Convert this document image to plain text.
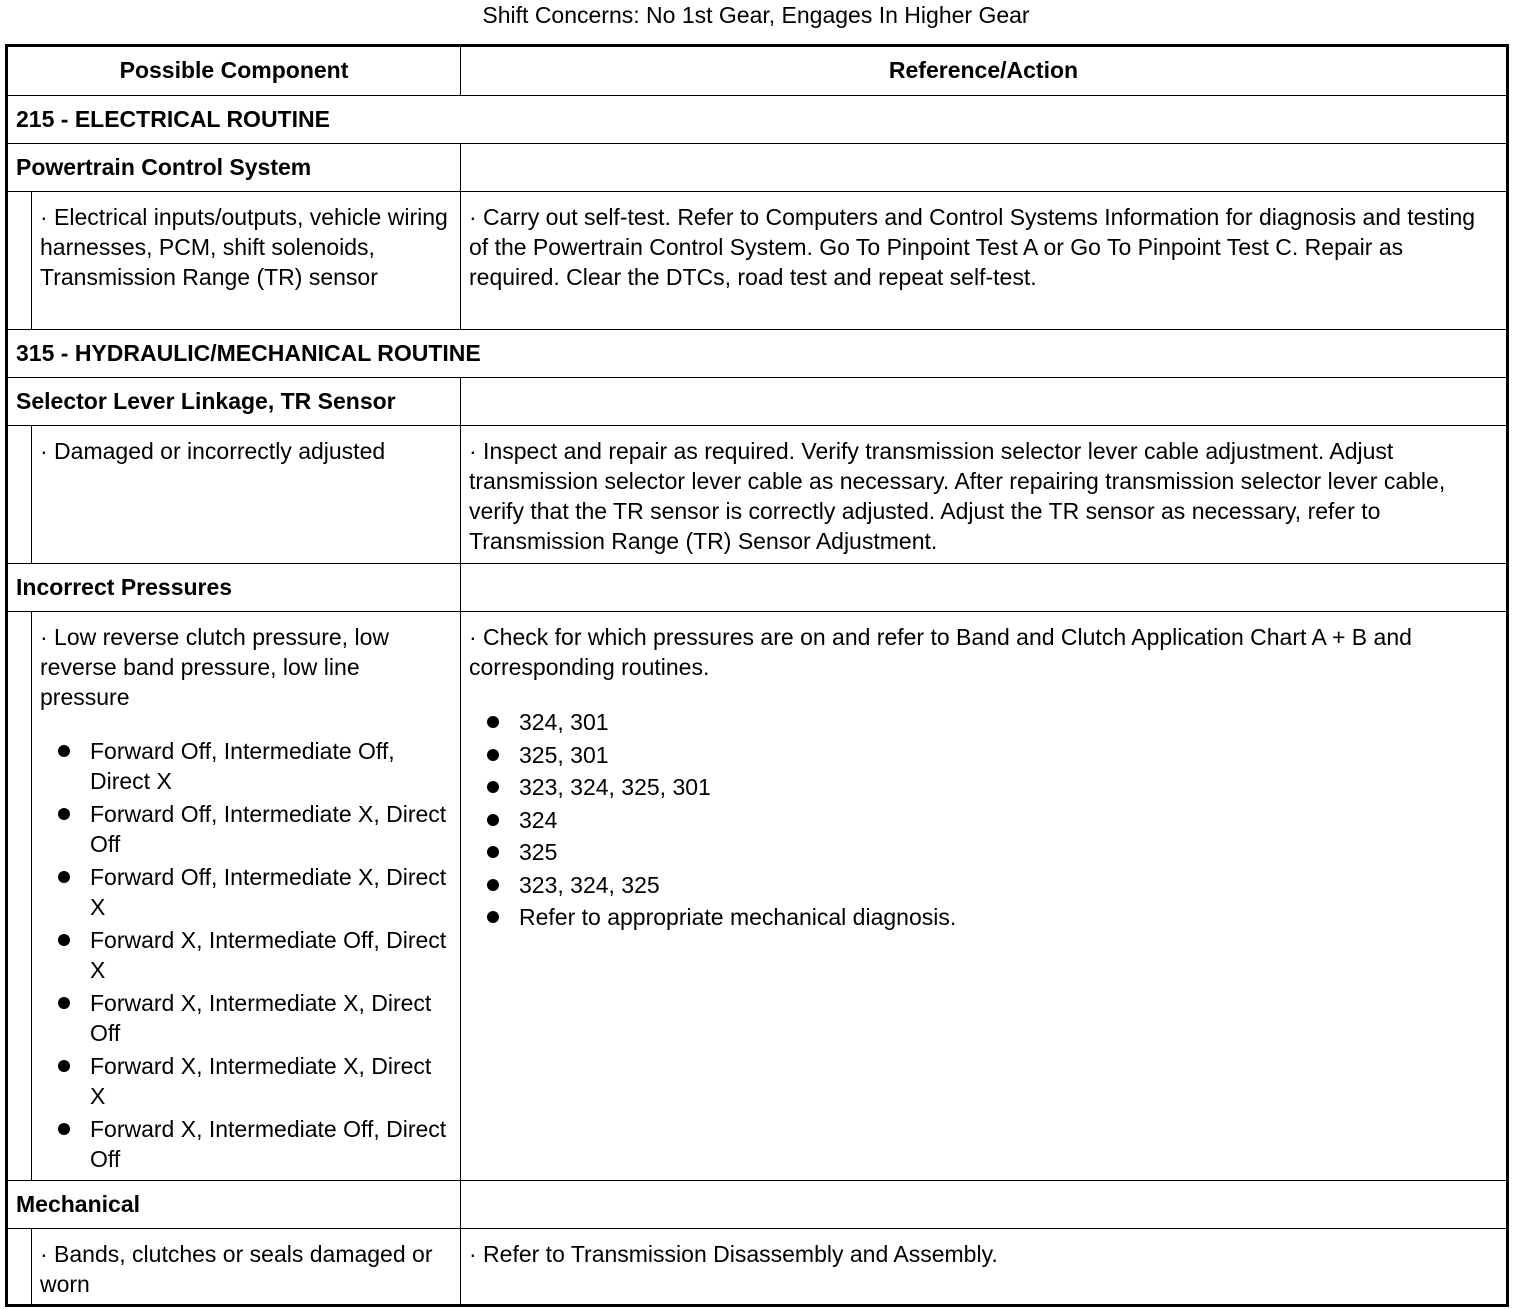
Shift Concerns: No 1st Gear, Engages In Higher Gear
Possible Component	Reference/Action
215 - ELECTRICAL ROUTINE
Powertrain Control System
· Electrical inputs/outputs, vehicle wiring harnesses, PCM, shift solenoids, Transmission Range (TR) sensor
· Carry out self-test. Refer to Computers and Control Systems Information for diagnosis and testing of the Powertrain Control System. Go To Pinpoint Test A or Go To Pinpoint Test C. Repair as required. Clear the DTCs, road test and repeat self-test.
315 - HYDRAULIC/MECHANICAL ROUTINE
Selector Lever Linkage, TR Sensor
· Damaged or incorrectly adjusted	· Inspect and repair as required. Verify transmission selector lever cable adjustment. Adjust transmission selector lever cable as necessary. After repairing transmission selector lever cable, verify that the TR sensor is correctly adjusted. Adjust the TR sensor as necessary, refer to Transmission Range (TR) Sensor Adjustment.
Incorrect Pressures
· Low reverse clutch pressure, low reverse band pressure, low line pressure
Forward Off, Intermediate Off, Direct X
Forward Off, Intermediate X, Direct Off
Forward Off, Intermediate X, Direct X
Forward X, Intermediate Off, Direct X
Forward X, Intermediate X, Direct Off
Forward X, Intermediate X, Direct X
Forward X, Intermediate Off, Direct Off
· Check for which pressures are on and refer to Band and Clutch Application Chart A + B and corresponding routines.
324, 301
325, 301
323, 324, 325, 301
324
325
323, 324, 325
Refer to appropriate mechanical diagnosis.
Mechanical
· Bands, clutches or seals damaged or worn
· Refer to Transmission Disassembly and Assembly.
